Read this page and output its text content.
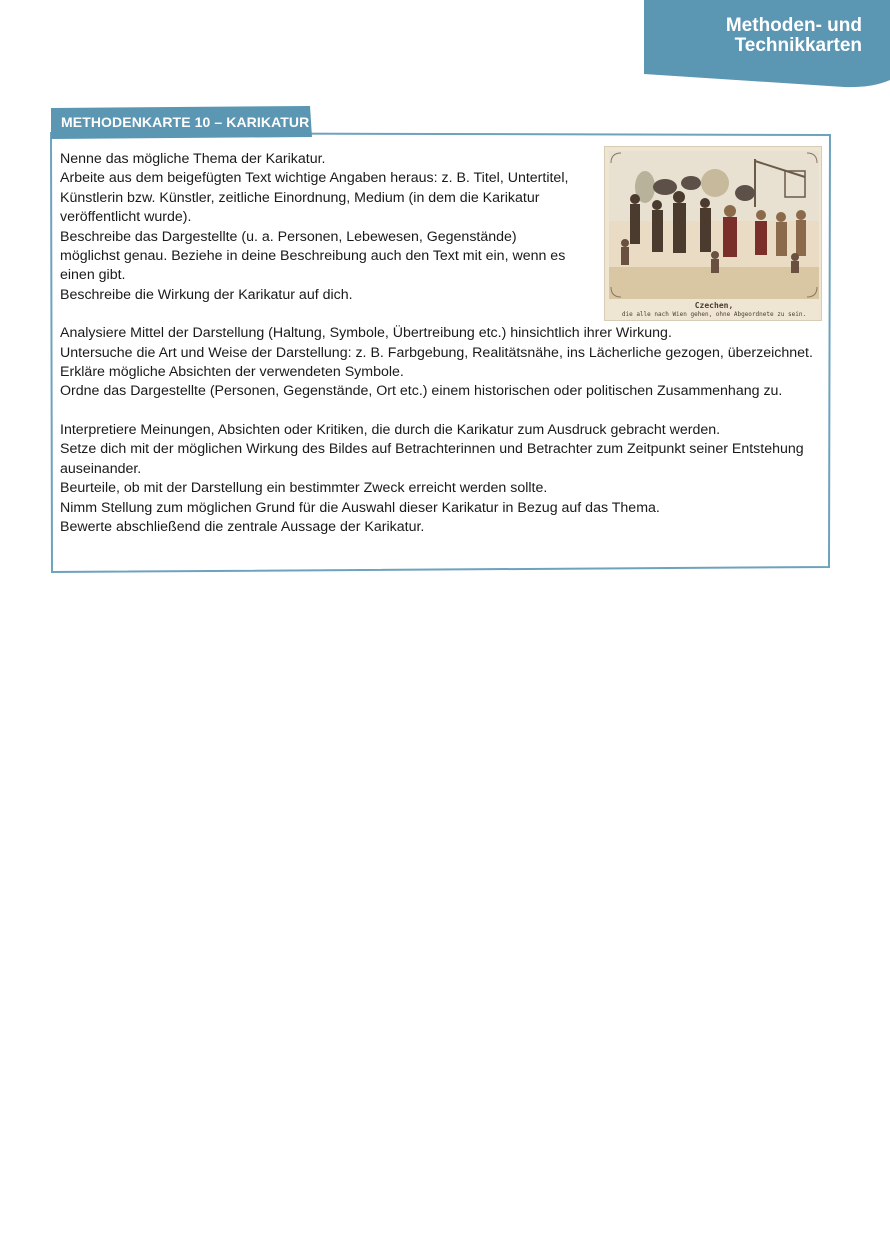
Methoden- und
Technikkarten
METHODENKARTE 10 – KARIKATUR

Nenne das mögliche Thema der Karikatur.

Arbeite aus dem beigefügten Text wichtige Angaben heraus: z. B. Titel, Untertitel, Künstlerin bzw. Künstler, zeitliche Einordnung, Medium (in dem die Karikatur veröffentlicht wurde).

Beschreibe das Dargestellte (u. a. Personen, Lebewesen, Gegenstände) möglichst genau. Beziehe in deine Beschreibung auch den Text mit ein, wenn es einen gibt.

Beschreibe die Wirkung der Karikatur auf dich.

Analysiere Mittel der Darstellung (Haltung, Symbole, Übertreibung etc.) hinsichtlich ihrer Wirkung.

Untersuche die Art und Weise der Darstellung: z. B. Farbgebung, Realitätsnähe, ins Lächerliche gezogen, überzeichnet.

Erkläre mögliche Absichten der verwendeten Symbole.

Ordne das Dargestellte (Personen, Gegenstände, Ort etc.) einem historischen oder politischen Zusammenhang zu.

Interpretiere Meinungen, Absichten oder Kritiken, die durch die Karikatur zum Ausdruck gebracht werden.

Setze dich mit der möglichen Wirkung des Bildes auf Betrachterinnen und Betrachter zum Zeitpunkt seiner Entstehung auseinander.

Beurteile, ob mit der Darstellung ein bestimmter Zweck erreicht werden sollte.

Nimm Stellung zum möglichen Grund für die Auswahl dieser Karikatur in Bezug auf das Thema.

Bewerte abschließend die zentrale Aussage der Karikatur.

Czechen,
die alle nach Wien gehen, ohne Abgeordnete zu sein.
